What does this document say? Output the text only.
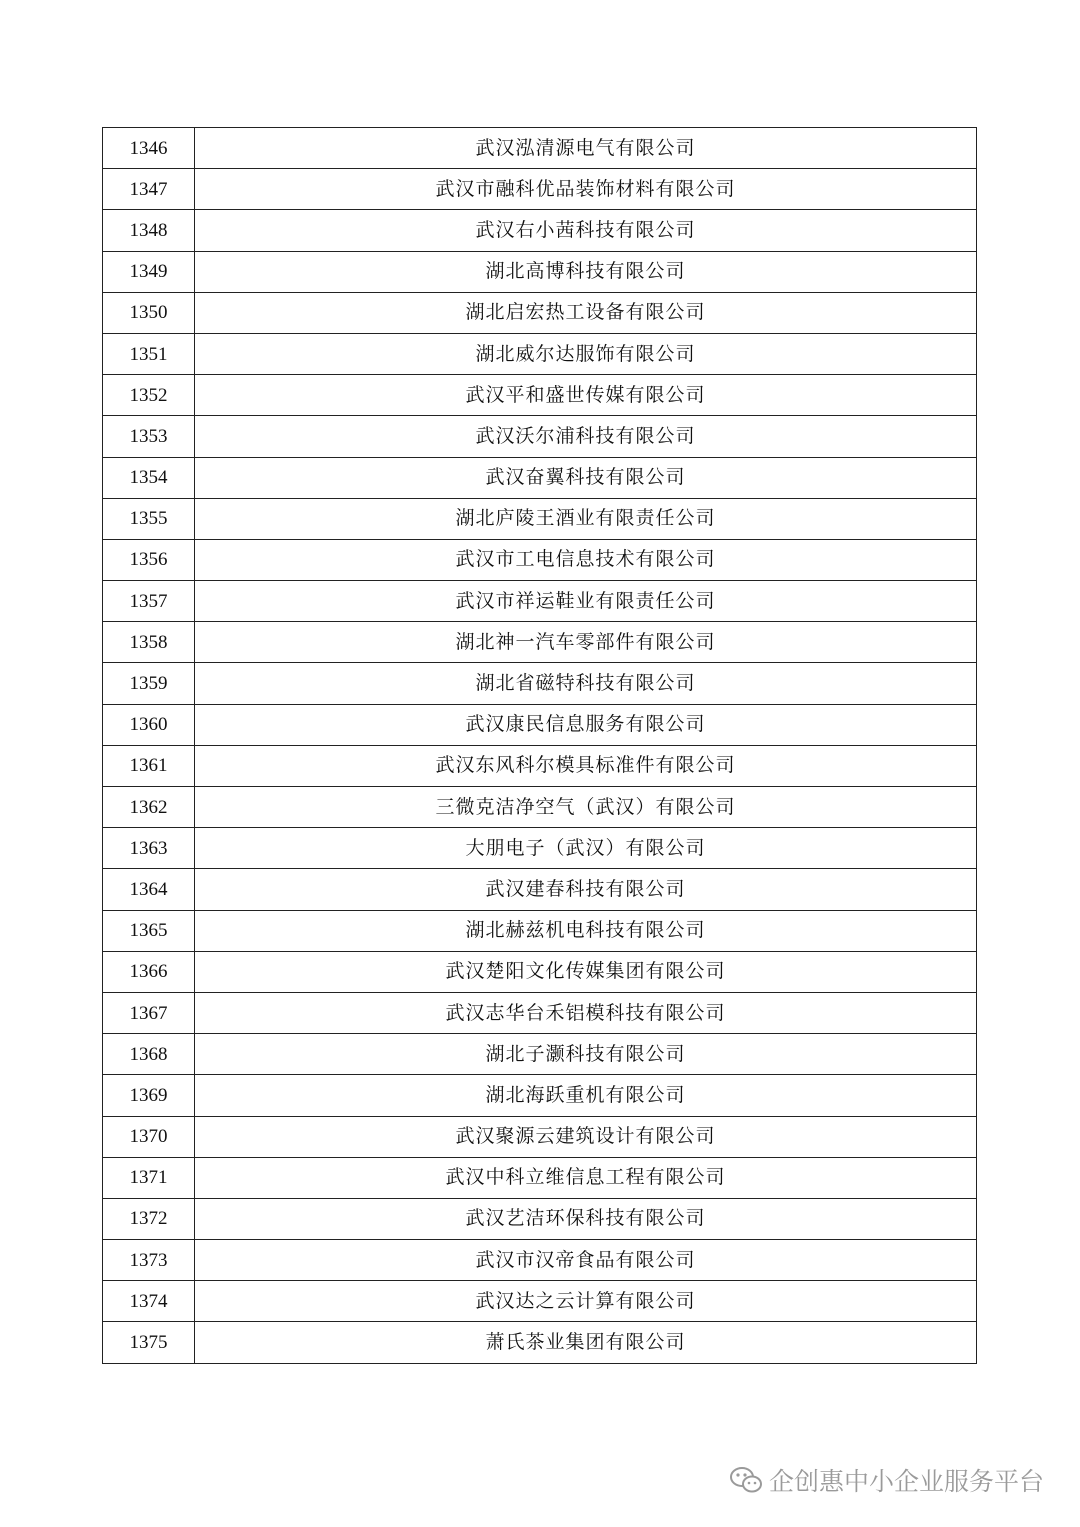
1346	武汉泓清源电气有限公司
1347	武汉市融科优品装饰材料有限公司
1348	武汉右小茜科技有限公司
1349	湖北高博科技有限公司
1350	湖北启宏热工设备有限公司
1351	湖北威尔达服饰有限公司
1352	武汉平和盛世传媒有限公司
1353	武汉沃尔浦科技有限公司
1354	武汉奋翼科技有限公司
1355	湖北庐陵王酒业有限责任公司
1356	武汉市工电信息技术有限公司
1357	武汉市祥运鞋业有限责任公司
1358	湖北神一汽车零部件有限公司
1359	湖北省磁特科技有限公司
1360	武汉康民信息服务有限公司
1361	武汉东风科尔模具标准件有限公司
1362	三微克洁净空气（武汉）有限公司
1363	大朋电子（武汉）有限公司
1364	武汉建春科技有限公司
1365	湖北赫兹机电科技有限公司
1366	武汉楚阳文化传媒集团有限公司
1367	武汉志华台禾铝模科技有限公司
1368	湖北子灏科技有限公司
1369	湖北海跃重机有限公司
1370	武汉聚源云建筑设计有限公司
1371	武汉中科立维信息工程有限公司
1372	武汉艺洁环保科技有限公司
1373	武汉市汉帝食品有限公司
1374	武汉达之云计算有限公司
1375	萧氏茶业集团有限公司
企创惠中小企业服务平台
